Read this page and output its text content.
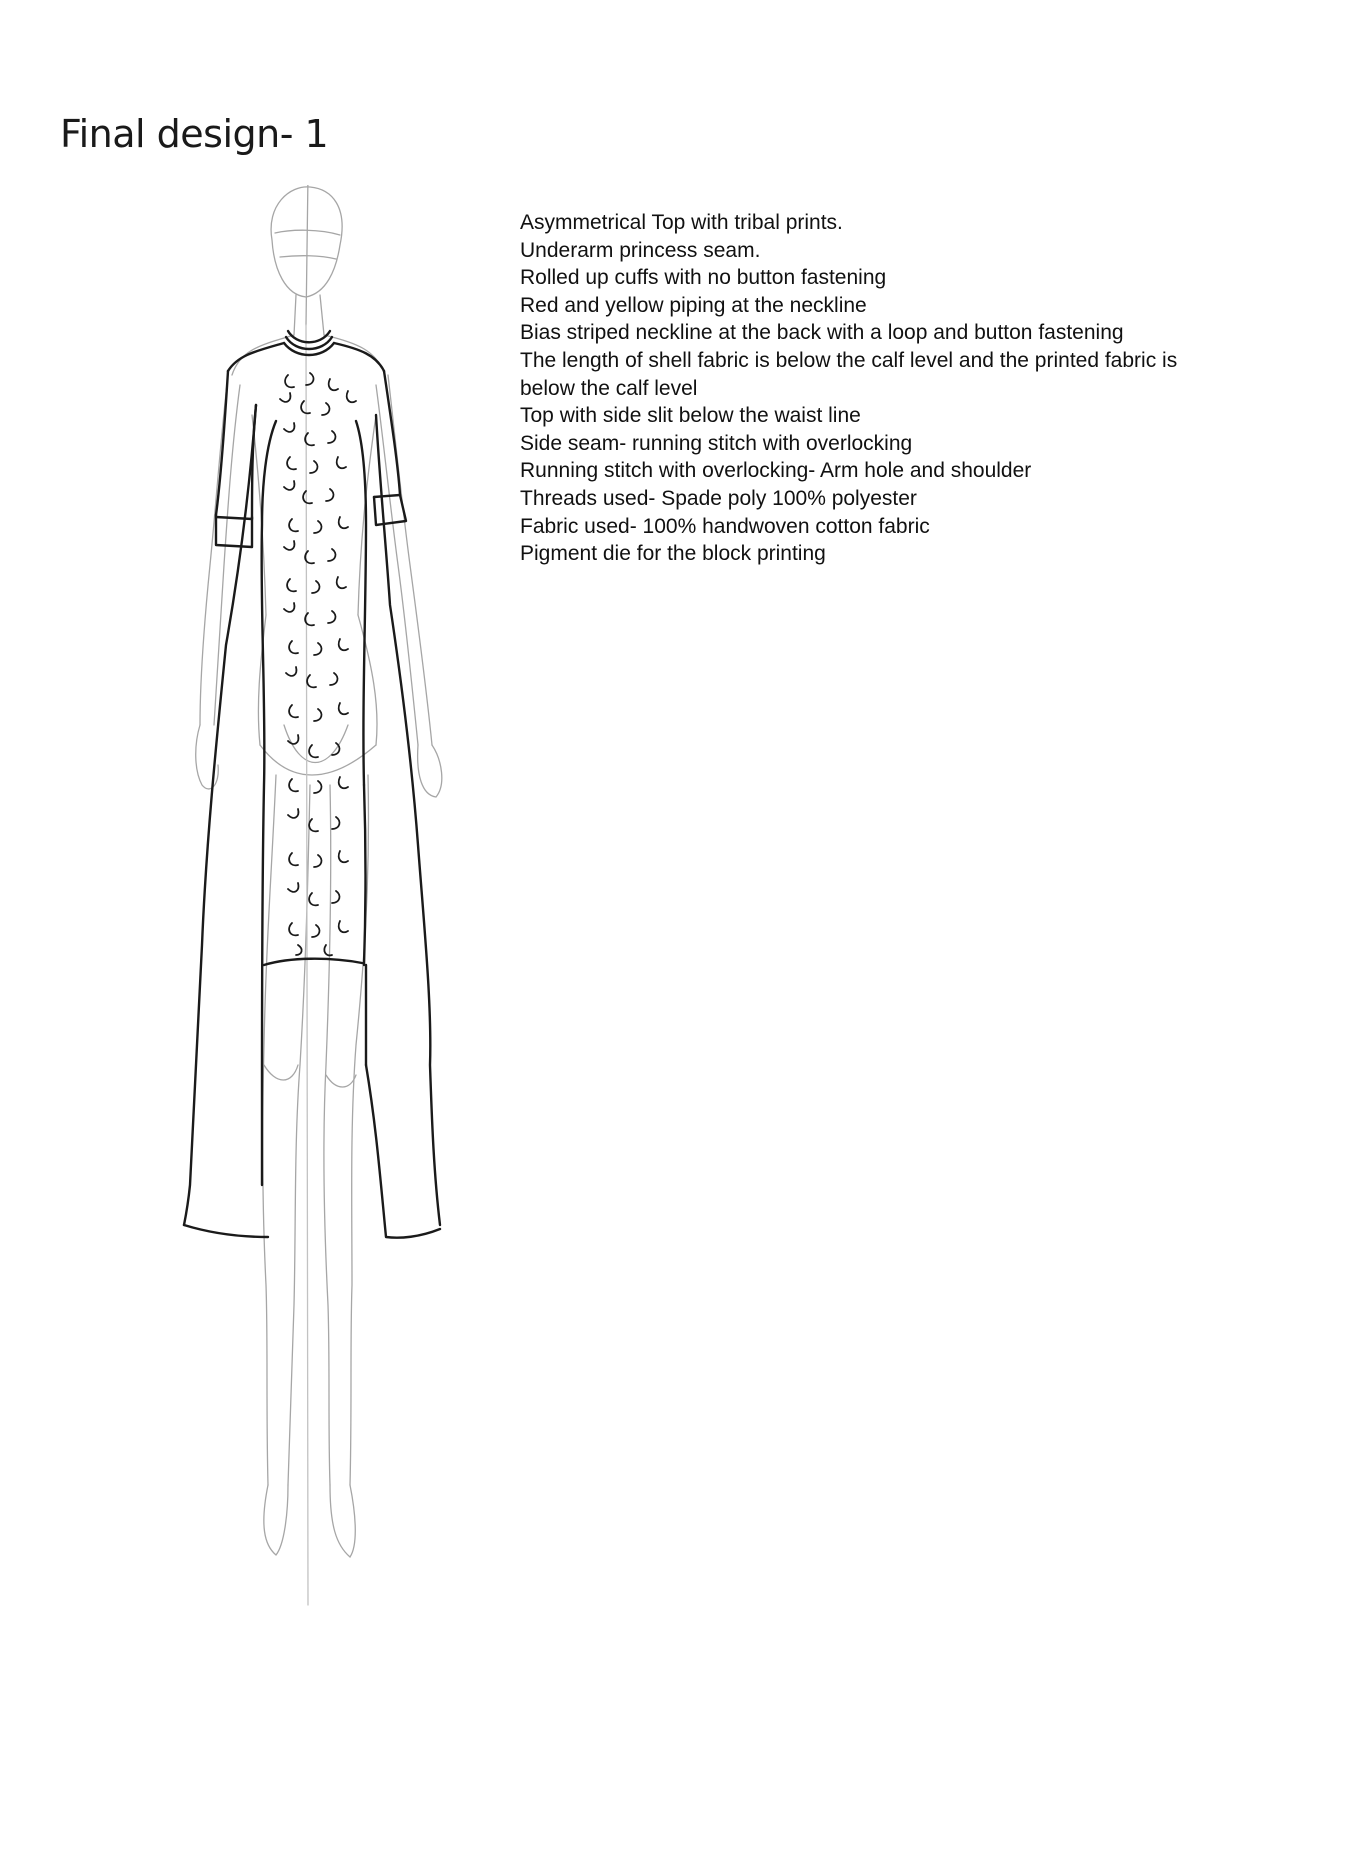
Final design- 1
Asymmetrical Top with tribal prints.
Underarm princess seam.
Rolled up cuffs with no button fastening
Red and yellow piping at the neckline
Bias striped neckline at the back with a loop and button fastening
The length of shell fabric is below the calf level and the printed fabric is
below the calf level
Top with side slit below the waist line
Side seam- running stitch with overlocking
Running stitch with overlocking- Arm hole and shoulder
Threads used- Spade poly 100% polyester
Fabric used- 100% handwoven cotton fabric
Pigment die for the block printing
